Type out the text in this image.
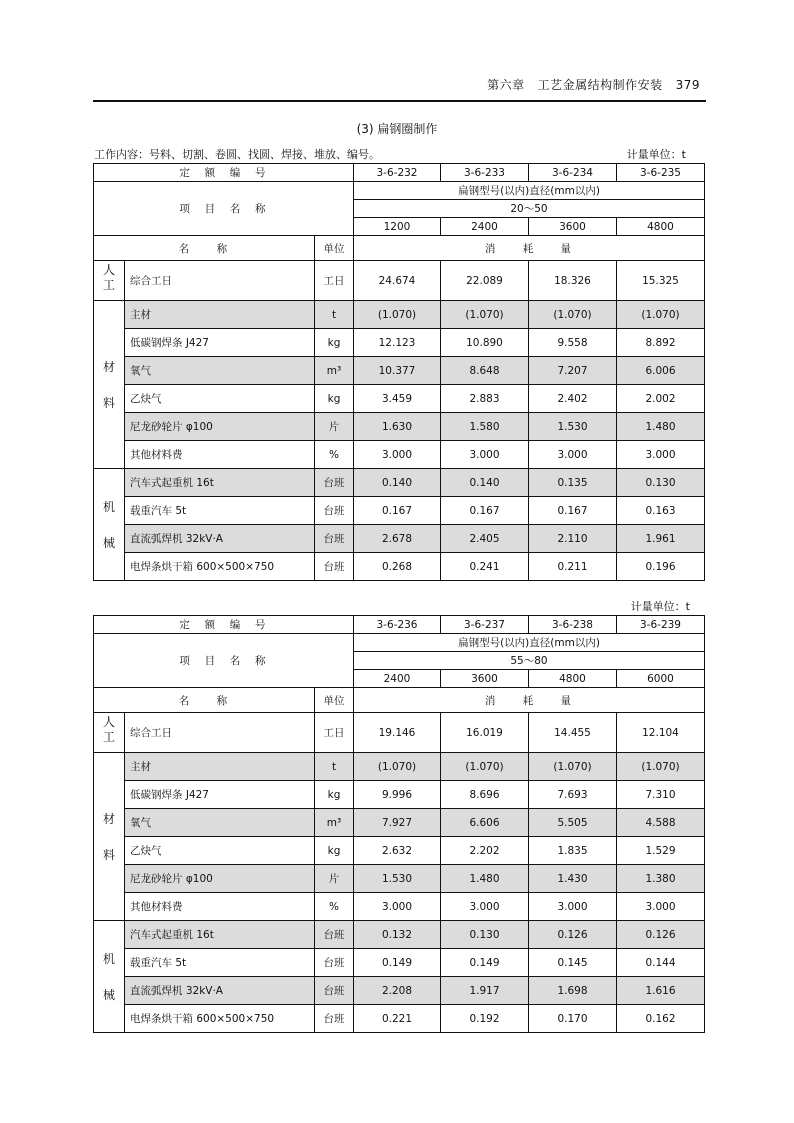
第六章 工艺金属结构制作安装 379
(3) 扁钢圈制作
工作内容：号料、切割、卷圆、找圆、焊接、堆放、编号。	计量单位：t
计量单位：t
定　额　编　号			3-6-232	3-6-233	3-6-234	3-6-235
项　目　名　称			扁钢型号(以内)直径(mm以内)			
			20～50			
			1200	2400	3600	4800
名　　称		单位	消　　耗　　量			
人工	综合工日	工日	24.674	22.089	18.326	15.325
材料	主材	t	(1.070)	(1.070)	(1.070)	(1.070)
	低碳钢焊条 J427	kg	12.123	10.890	9.558	8.892
	氧气	m³	10.377	8.648	7.207	6.006
	乙炔气	kg	3.459	2.883	2.402	2.002
	尼龙砂轮片 φ100	片	1.630	1.580	1.530	1.480
	其他材料费	%	3.000	3.000	3.000	3.000
机械	汽车式起重机 16t	台班	0.140	0.140	0.135	0.130
	载重汽车 5t	台班	0.167	0.167	0.167	0.163
	直流弧焊机 32kV·A	台班	2.678	2.405	2.110	1.961
	电焊条烘干箱 600×500×750	台班	0.268	0.241	0.211	0.196
定　额　编　号			3-6-236	3-6-237	3-6-238	3-6-239
项　目　名　称			扁钢型号(以内)直径(mm以内)			
			55～80			
			2400	3600	4800	6000
名　　称		单位	消　　耗　　量			
人工	综合工日	工日	19.146	16.019	14.455	12.104
材料	主材	t	(1.070)	(1.070)	(1.070)	(1.070)
	低碳钢焊条 J427	kg	9.996	8.696	7.693	7.310
	氧气	m³	7.927	6.606	5.505	4.588
	乙炔气	kg	2.632	2.202	1.835	1.529
	尼龙砂轮片 φ100	片	1.530	1.480	1.430	1.380
	其他材料费	%	3.000	3.000	3.000	3.000
机械	汽车式起重机 16t	台班	0.132	0.130	0.126	0.126
	载重汽车 5t	台班	0.149	0.149	0.145	0.144
	直流弧焊机 32kV·A	台班	2.208	1.917	1.698	1.616
	电焊条烘干箱 600×500×750	台班	0.221	0.192	0.170	0.162
